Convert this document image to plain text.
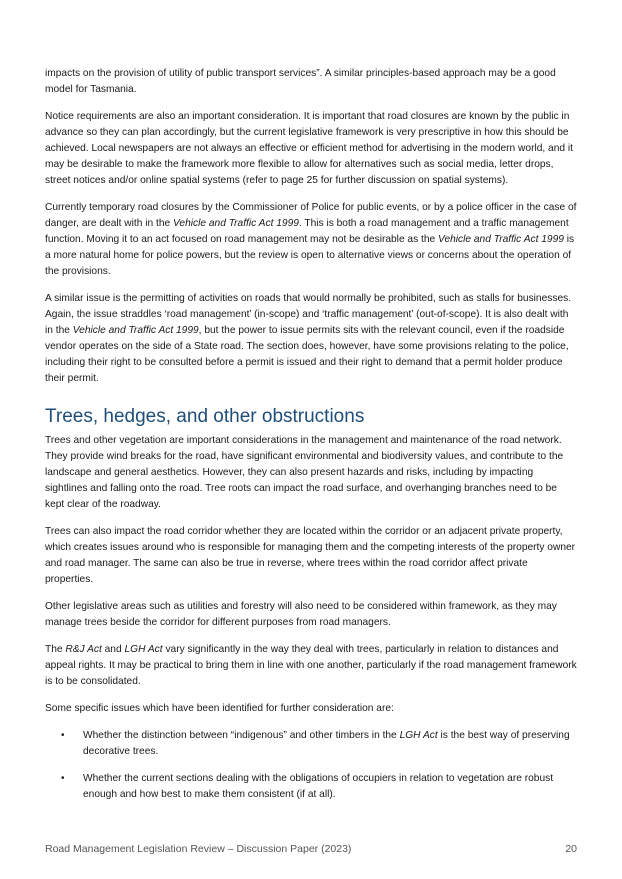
impacts on the provision of utility of public transport services”. A similar principles-based approach may be a good model for Tasmania.

Notice requirements are also an important consideration. It is important that road closures are known by the public in advance so they can plan accordingly, but the current legislative framework is very prescriptive in how this should be achieved. Local newspapers are not always an effective or efficient method for advertising in the modern world, and it may be desirable to make the framework more flexible to allow for alternatives such as social media, letter drops, street notices and/or online spatial systems (refer to page 25 for further discussion on spatial systems).

Currently temporary road closures by the Commissioner of Police for public events, or by a police officer in the case of danger, are dealt with in the Vehicle and Traffic Act 1999. This is both a road management and a traffic management function. Moving it to an act focused on road management may not be desirable as the Vehicle and Traffic Act 1999 is a more natural home for police powers, but the review is open to alternative views or concerns about the operation of the provisions.

A similar issue is the permitting of activities on roads that would normally be prohibited, such as stalls for businesses. Again, the issue straddles ‘road management’ (in-scope) and ‘traffic management’ (out-of-scope). It is also dealt with in the Vehicle and Traffic Act 1999, but the power to issue permits sits with the relevant council, even if the roadside vendor operates on the side of a State road. The section does, however, have some provisions relating to the police, including their right to be consulted before a permit is issued and their right to demand that a permit holder produce their permit.

Trees, hedges, and other obstructions

Trees and other vegetation are important considerations in the management and maintenance of the road network. They provide wind breaks for the road, have significant environmental and biodiversity values, and contribute to the landscape and general aesthetics. However, they can also present hazards and risks, including by impacting sightlines and falling onto the road. Tree roots can impact the road surface, and overhanging branches need to be kept clear of the roadway.

Trees can also impact the road corridor whether they are located within the corridor or an adjacent private property, which creates issues around who is responsible for managing them and the competing interests of the property owner and road manager. The same can also be true in reverse, where trees within the road corridor affect private properties.

Other legislative areas such as utilities and forestry will also need to be considered within framework, as they may manage trees beside the corridor for different purposes from road managers.

The R&J Act and LGH Act vary significantly in the way they deal with trees, particularly in relation to distances and appeal rights. It may be practical to bring them in line with one another, particularly if the road management framework is to be consolidated.

Some specific issues which have been identified for further consideration are:

• Whether the distinction between “indigenous” and other timbers in the LGH Act is the best way of preserving decorative trees.
• Whether the current sections dealing with the obligations of occupiers in relation to vegetation are robust enough and how best to make them consistent (if at all).
Road Management Legislation Review – Discussion Paper (2023)	20
